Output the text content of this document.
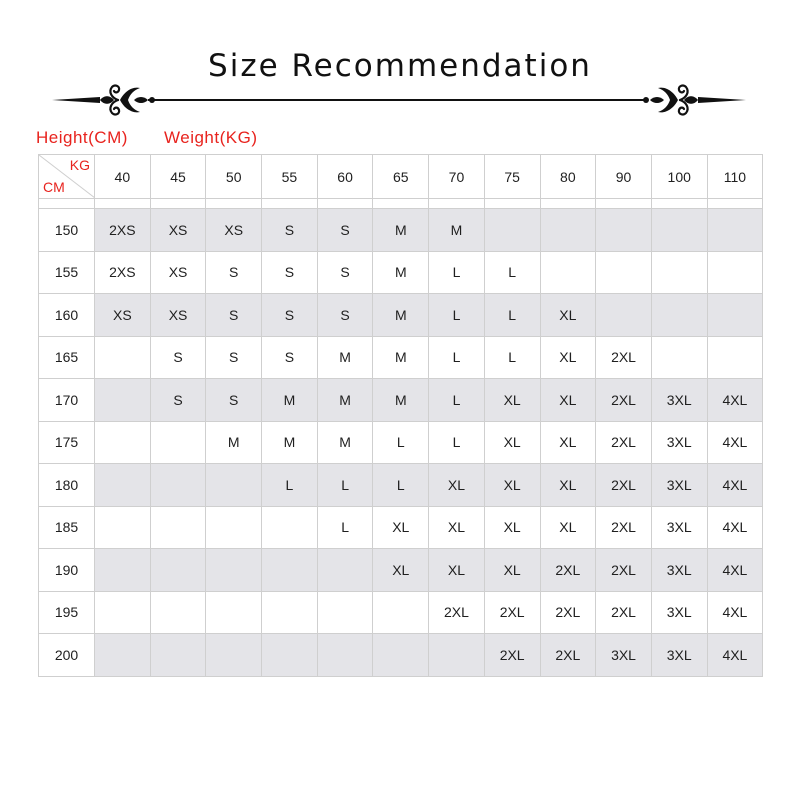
Size Recommendation
Height(CM) Weight(KG)
KG
CM	40	45	50	55	60	65	70	75	80	90	100	110

150	2XS	XS	XS	S	S	M	M					
155	2XS	XS	S	S	S	M	L	L				
160	XS	XS	S	S	S	M	L	L	XL			
165		S	S	S	M	M	L	L	XL	2XL		
170		S	S	M	M	M	L	XL	XL	2XL	3XL	4XL
175			M	M	M	L	L	XL	XL	2XL	3XL	4XL
180				L	L	L	XL	XL	XL	2XL	3XL	4XL
185					L	XL	XL	XL	XL	2XL	3XL	4XL
190						XL	XL	XL	2XL	2XL	3XL	4XL
195							2XL	2XL	2XL	2XL	3XL	4XL
200								2XL	2XL	3XL	3XL	4XL
